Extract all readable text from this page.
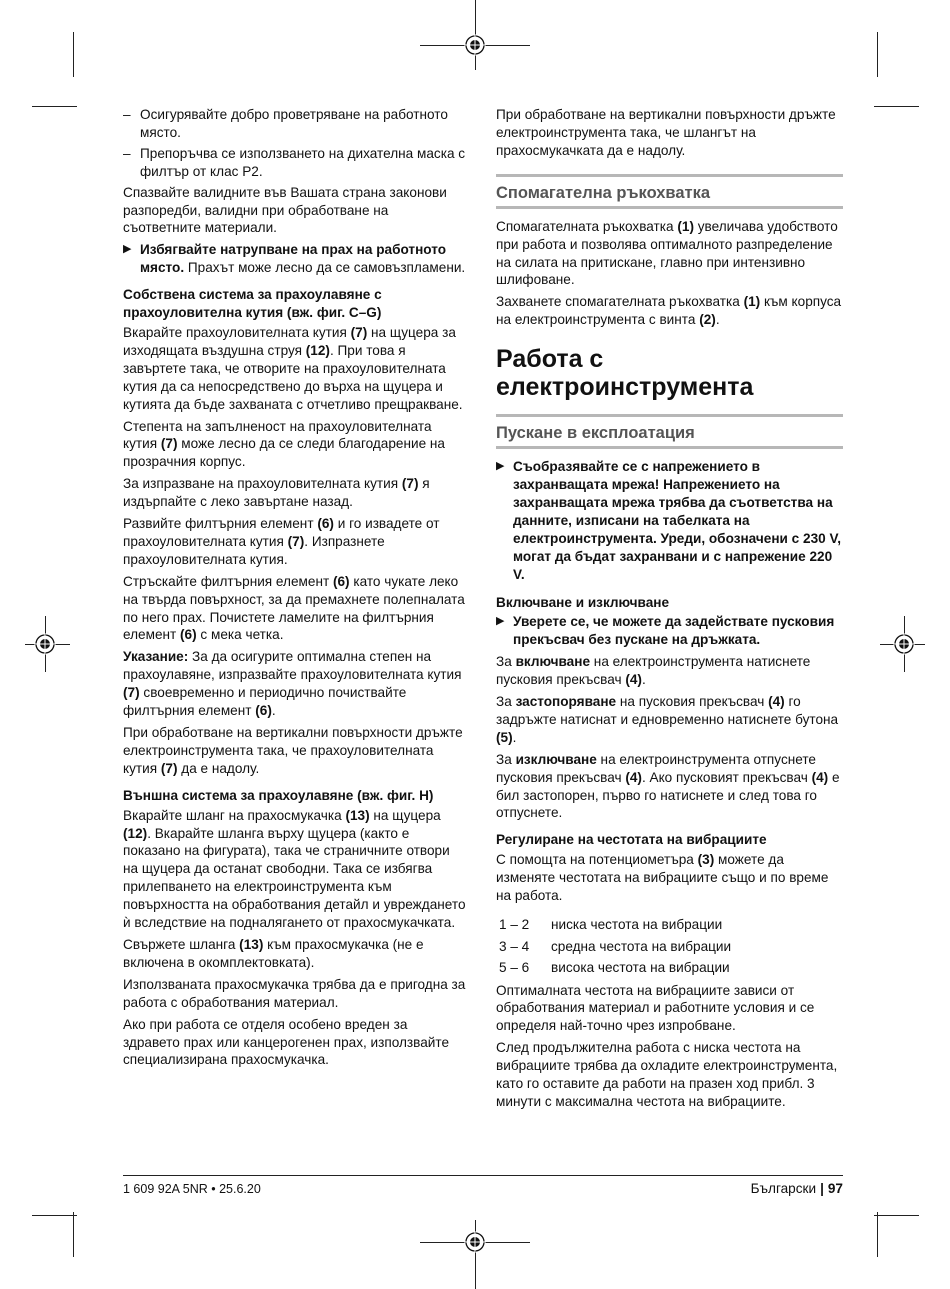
– Осигурявайте добро проветряване на работното място.
– Препоръчва се използването на дихателна маска с филтър от клас P2.

Спазвайте валидните във Вашата страна законови разпоредби, валидни при обработване на съответните материали.

▶ Избягвайте натрупване на прах на работното място. Прахът може лесно да се самовъзпламени.
Собствена система за прахоулавяне с прахоуловителна кутия (вж. фиг. C–G)

Вкарайте прахоуловителната кутия (7) на щуцера за изходящата въздушна струя (12). При това я завъртете така, че отворите на прахоуловителната кутия да са непосредствено до върха на щуцера и кутията да бъде захваната с отчетливо прещракване.

Степента на запълненост на прахоуловителната кутия (7) може лесно да се следи благодарение на прозрачния корпус.

За изпразване на прахоуловителната кутия (7) я издърпайте с леко завъртане назад.

Развийте филтърния елемент (6) и го извадете от прахоуловителната кутия (7). Изпразнете прахоуловителната кутия.

Стръскайте филтърния елемент (6) като чукате леко на твърда повърхност, за да премахнете полепналата по него прах. Почистете ламелите на филтърния елемент (6) с мека четка.

Указание: За да осигурите оптимална степен на прахоулавяне, изпразвайте прахоуловителната кутия (7) своевременно и периодично почиствайте филтърния елемент (6).

При обработване на вертикални повърхности дръжте електроинструмента така, че прахоуловителната кутия (7) да е надолу.

Външна система за прахоулавяне (вж. фиг. H)

Вкарайте шланг на прахосмукачка (13) на щуцера (12). Вкарайте шланга върху щуцера (както е показано на фигурата), така че страничните отвори на щуцера да останат свободни. Така се избягва прилепването на електроинструмента към повърхността на обработвания детайл и увреждането ѝ вследствие на подналягането от прахосмукачката.

Свържете шланга (13) към прахосмукачка (не е включена в окомплектовката).

Използваната прахосмукачка трябва да е пригодна за работа с обработвания материал.

Ако при работа се отделя особено вреден за здравето прах или канцерогенен прах, използвайте специализирана прахосмукачка.

При обработване на вертикални повърхности дръжте електроинструмента така, че шлангът на прахосмукачката да е надолу.

Спомагателна ръкохватка

Спомагателната ръкохватка (1) увеличава удобството при работа и позволява оптималното разпределение на силата на притискане, главно при интензивно шлифоване.

Захванете спомагателната ръкохватка (1) към корпуса на електроинструмента с винта (2).

Работа с електроинструмента
Пускане в експлоатация
▶ Съобразявайте се с напрежението в захранващата мрежа! Напрежението на захранващата мрежа трябва да съответства на данните, изписани на табелката на електроинструмента. Уреди, обозначени с 230 V, могат да бъдат захранвани и с напрежение 220 V.
Включване и изключване
▶ Уверете се, че можете да задействате пусковия прекъсвач без пускане на дръжката.

За включване на електроинструмента натиснете пусковия прекъсвач (4).

За застопоряване на пусковия прекъсвач (4) го задръжте натиснат и едновременно натиснете бутона (5).

За изключване на електроинструмента отпуснете пусковия прекъсвач (4). Ако пусковият прекъсвач (4) е бил застопорен, първо го натиснете и след това го отпуснете.

Регулиране на честотата на вибрациите

С помощта на потенциометъра (3) можете да изменяте честотата на вибрациите също и по време на работа.

1 – 2	ниска честота на вибрации
3 – 4	средна честота на вибрации
5 – 6	висока честота на вибрации

Оптималната честота на вибрациите зависи от обработвания материал и работните условия и се определя най-точно чрез изпробване.

След продължителна работа с ниска честота на вибрациите трябва да охладите електроинструмента, като го оставите да работи на празен ход прибл. 3 минути с максимална честота на вибрациите.

1 609 92A 5NR • 25.6.20	Български | 97
